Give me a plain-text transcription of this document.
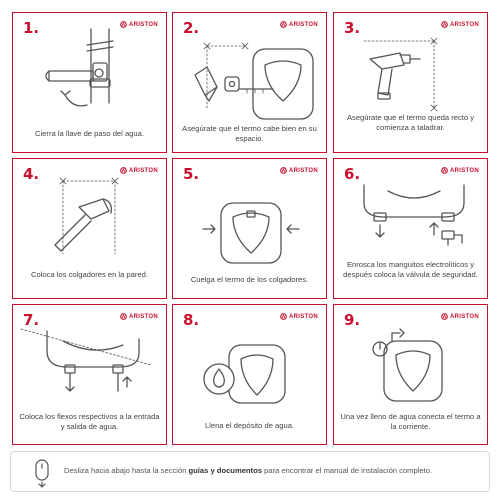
1.	ARISTON
Cierra la llave de paso del agua.
2.	ARISTON
Asegúrate que el termo cabe bien en su espacio.
3.	ARISTON
Asegúrate que el termo queda recto y comienza a taladrar.
4.	ARISTON
Coloca los colgadores en la pared.
5.	ARISTON
Cuelga el termo de los colgadores.
6.	ARISTON
Enrosca los manguitos electrolíticos y después coloca la válvula de seguridad.
7.	ARISTON
Coloca los flexos respectivos a la entrada y salida de agua.
8.	ARISTON
Llena el depósito de agua.
9.	ARISTON
Una vez lleno de agua conecta el termo a la corriente.
Desliza hacia abajo hasta la sección guías y documentos para encontrar el manual de instalación completo.
